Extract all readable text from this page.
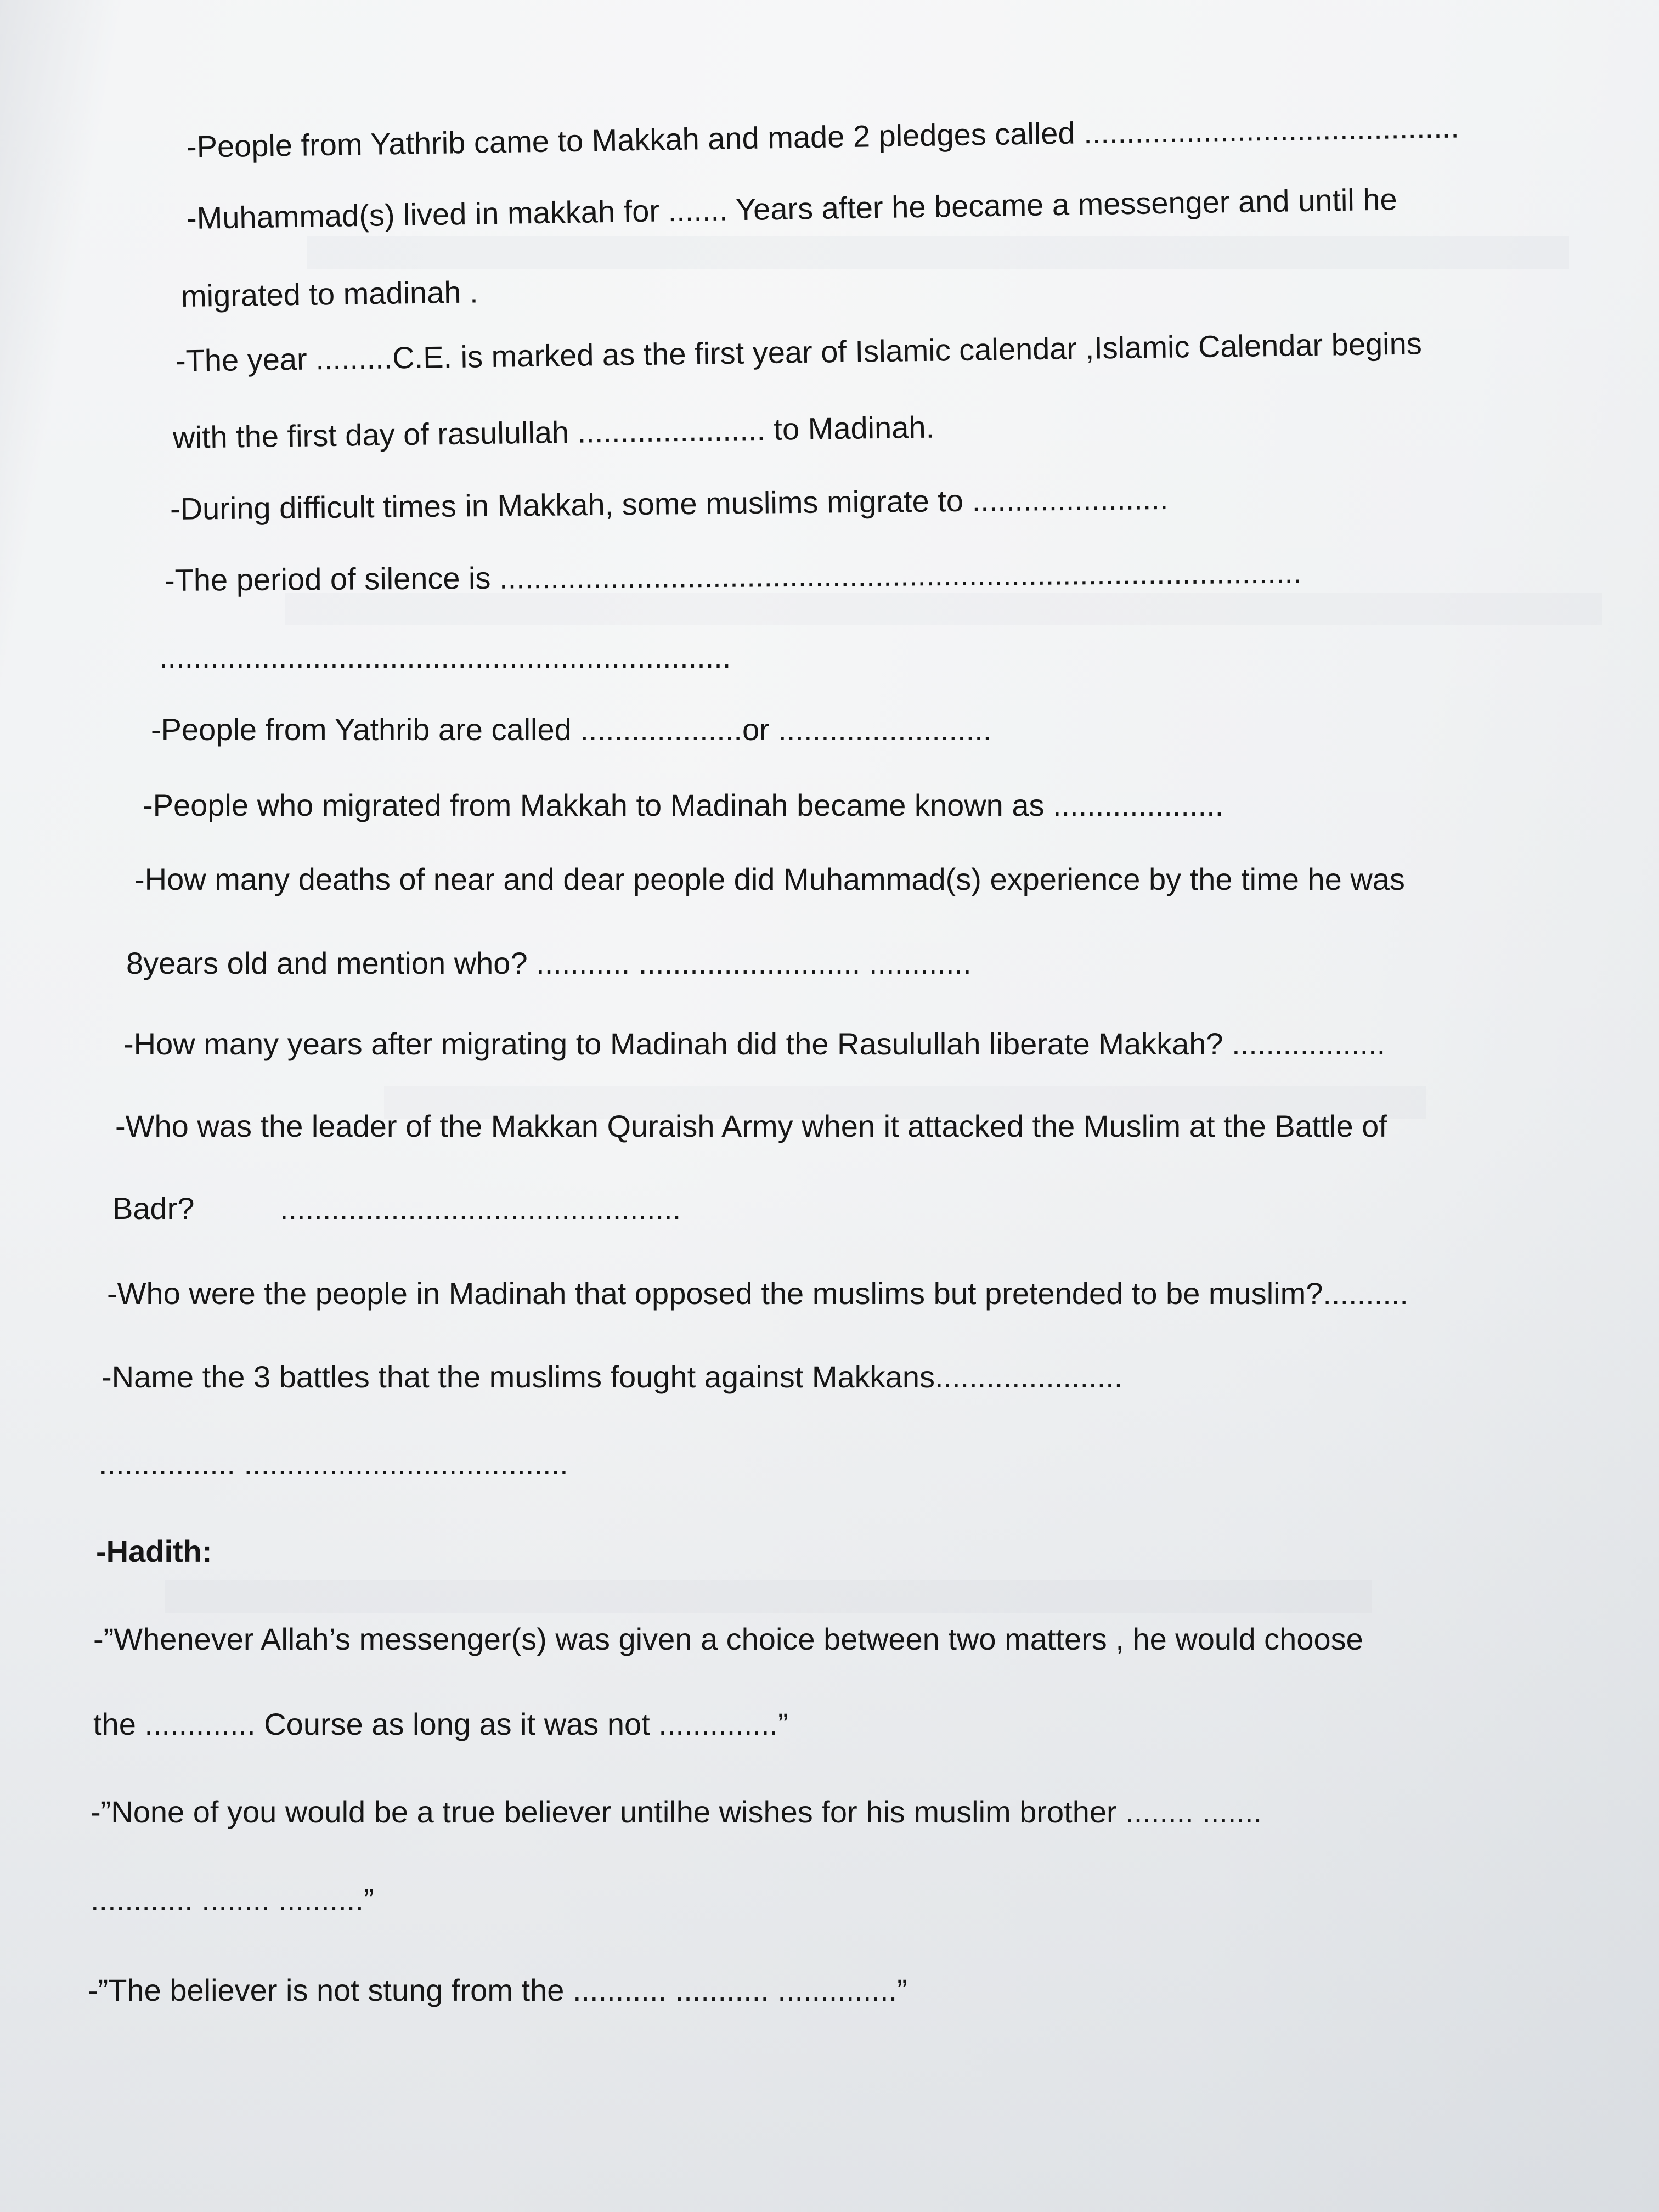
-People from Yathrib came to Makkah and made 2 pledges called ............................................
-Muhammad(s) lived in makkah for ....... Years after he became a messenger and until he
migrated to madinah .
-The year .........C.E. is marked as the first year of Islamic calendar ,Islamic Calendar begins
with the first day of rasulullah ...................... to Madinah.
-During difficult times in Makkah, some muslims migrate to .......................
-The period of silence is ..............................................................................................
...................................................................
-People from Yathrib are called ...................or .........................
-People who migrated from Makkah to Madinah became known as ....................
-How many deaths of near and dear people did Muhammad(s) experience by the time he was
8years old and mention who? ........... .......................... ............
-How many years after migrating to Madinah did the Rasulullah liberate Makkah? ..................
-Who was the leader of the Makkan Quraish Army when it attacked the Muslim at the Battle of
Badr?          ...............................................
-Who were the people in Madinah that opposed the muslims but pretended to be muslim?..........
-Name the 3 battles that the muslims fought against Makkans......................
................ ......................................
-Hadith:
-”Whenever Allah’s messenger(s) was given a choice between two matters , he would choose
the ............. Course as long as it was not ..............”
-”None of you would be a true believer untilhe wishes for his muslim brother ........ .......
............ ........ ..........”
-”The believer is not stung from the ........... ........... ..............”
